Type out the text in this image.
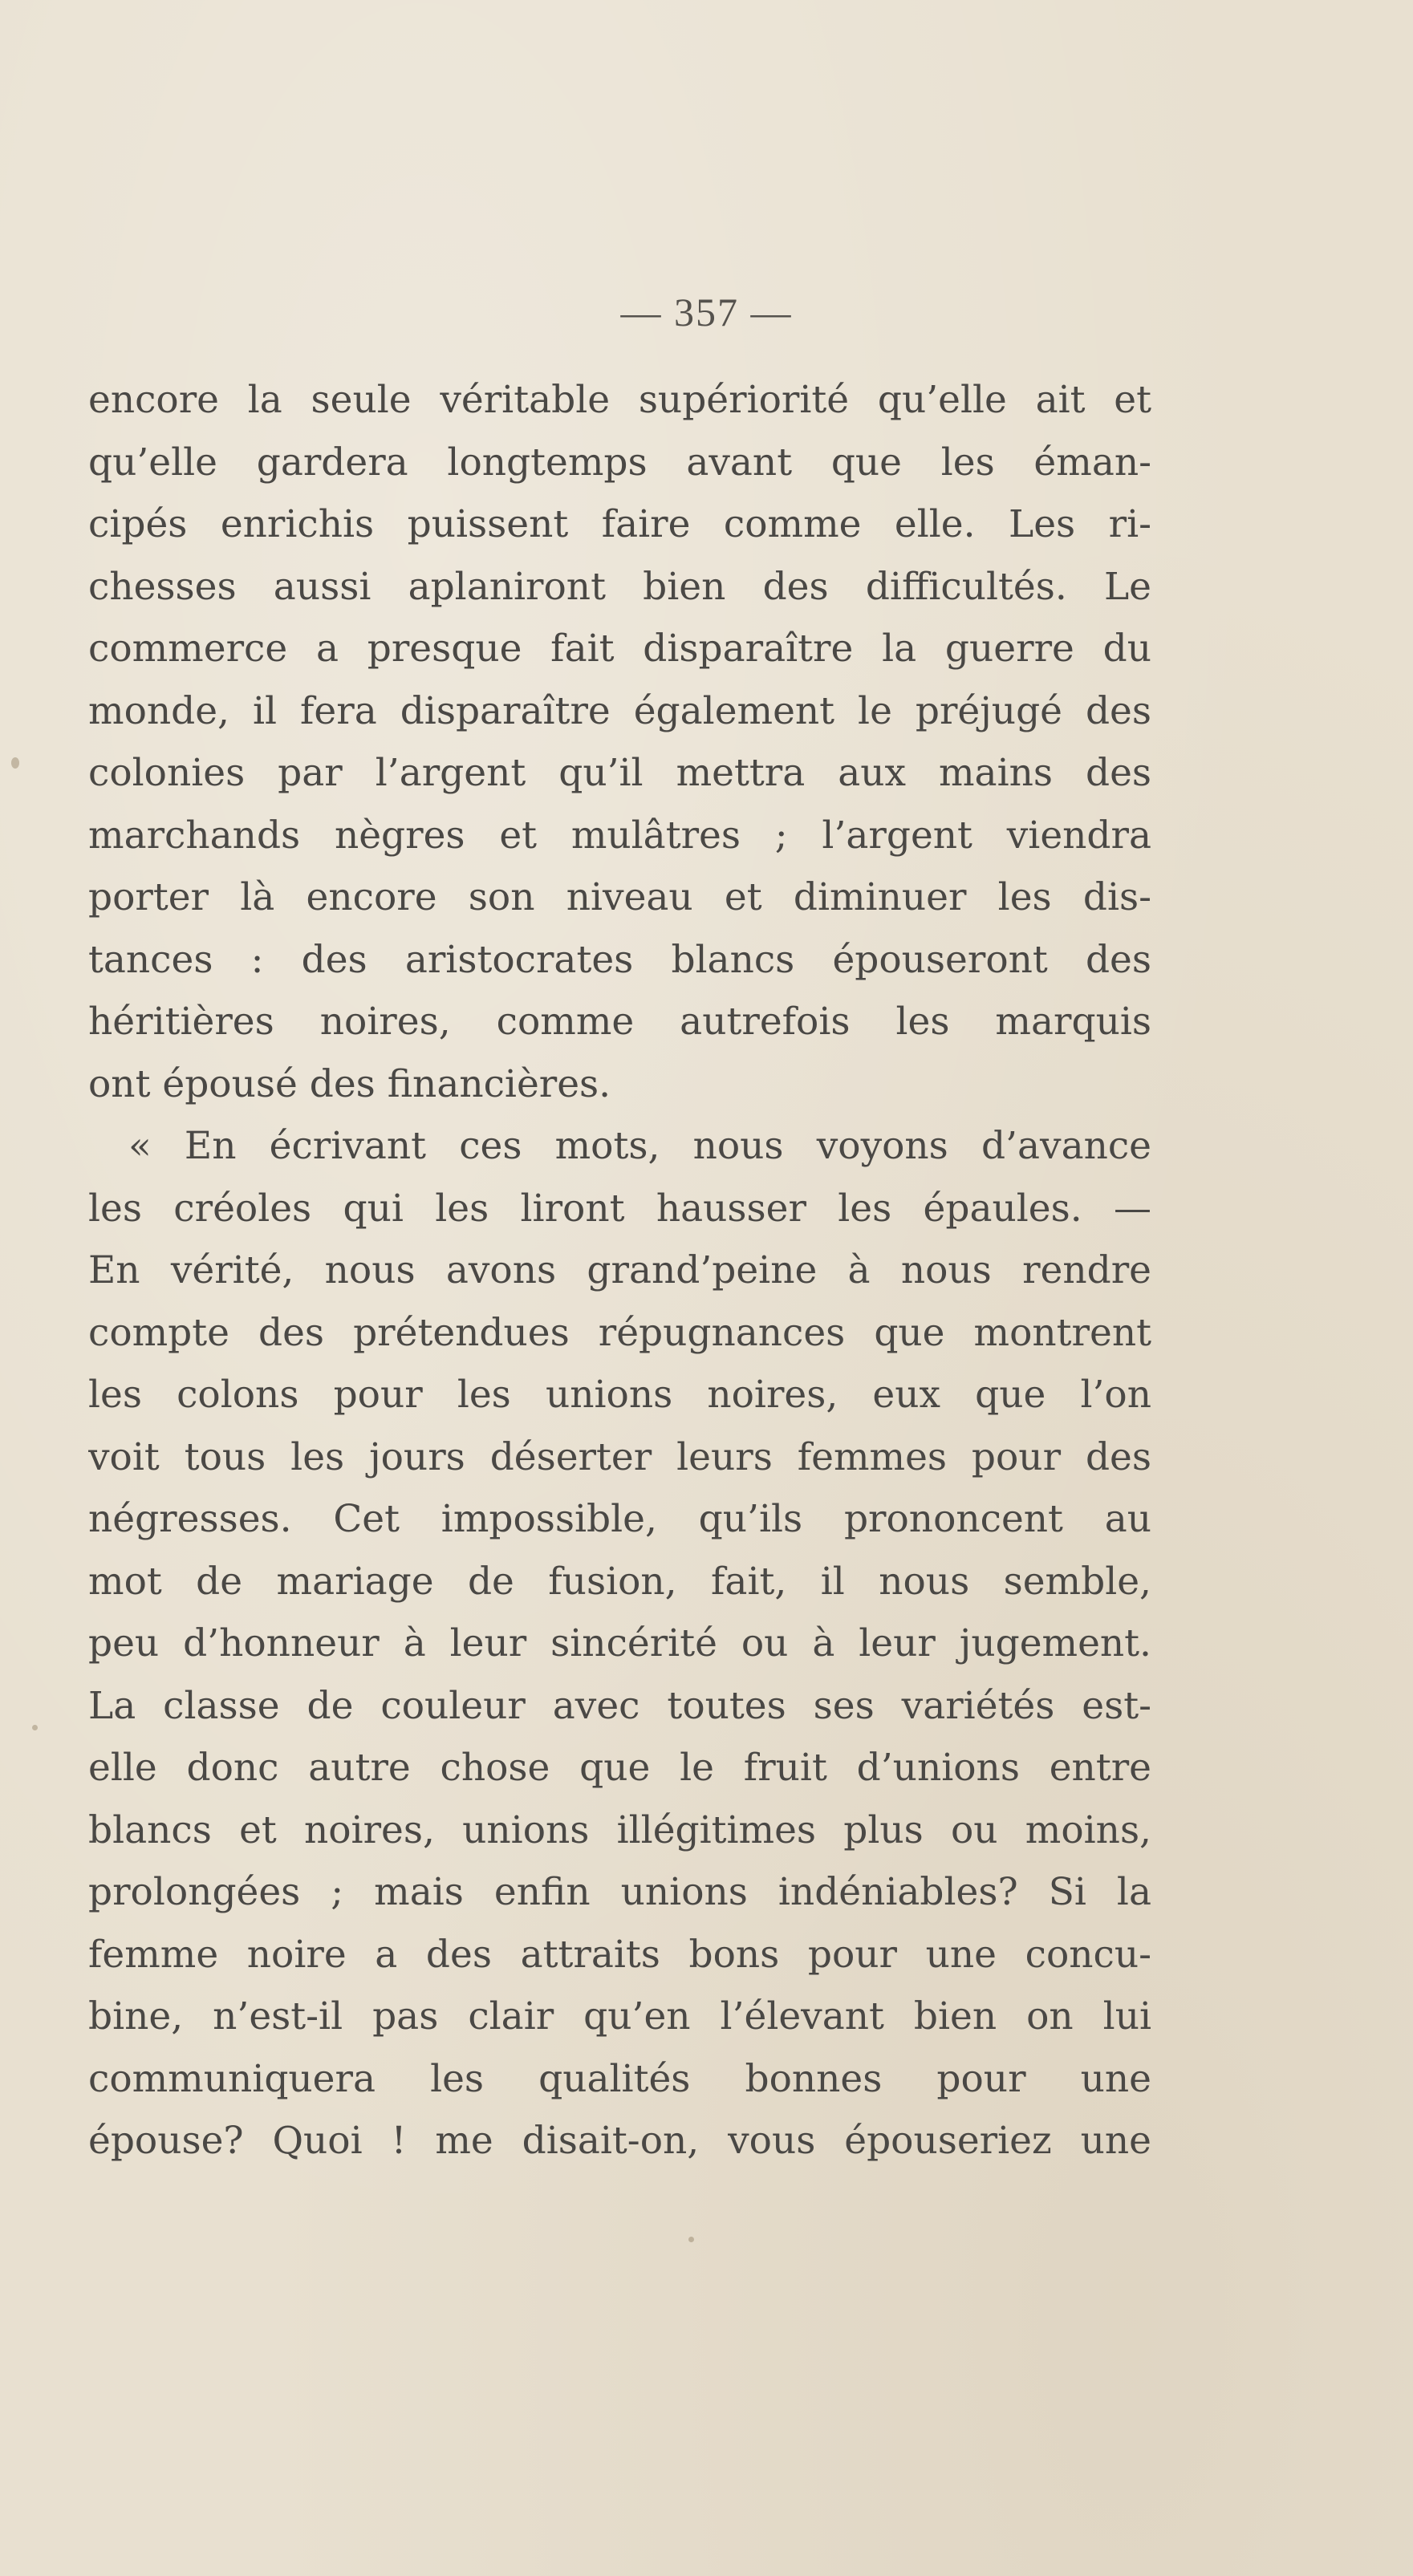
— 357 —
encore la seule véritable supériorité qu’elle ait et
qu’elle gardera longtemps avant que les éman-
cipés enrichis puissent faire comme elle. Les ri-
chesses aussi aplaniront bien des difficultés. Le
commerce a presque fait disparaître la guerre du
monde, il fera disparaître également le préjugé des
colonies par l’argent qu’il mettra aux mains des
marchands nègres et mulâtres ; l’argent viendra
porter là encore son niveau et diminuer les dis-
tances : des aristocrates blancs épouseront des
héritières noires, comme autrefois les marquis
ont épousé des financières.
« En écrivant ces mots, nous voyons d’avance
les créoles qui les liront hausser les épaules. —
En vérité, nous avons grand’peine à nous rendre
compte des prétendues répugnances que montrent
les colons pour les unions noires, eux que l’on
voit tous les jours déserter leurs femmes pour des
négresses. Cet impossible, qu’ils prononcent au
mot de mariage de fusion, fait, il nous semble,
peu d’honneur à leur sincérité ou à leur jugement.
La classe de couleur avec toutes ses variétés est-
elle donc autre chose que le fruit d’unions entre
blancs et noires, unions illégitimes plus ou moins,
prolongées ; mais enfin unions indéniables? Si la
femme noire a des attraits bons pour une concu-
bine, n’est-il pas clair qu’en l’élevant bien on lui
communiquera les qualités bonnes pour une
épouse? Quoi ! me disait-on, vous épouseriez une
